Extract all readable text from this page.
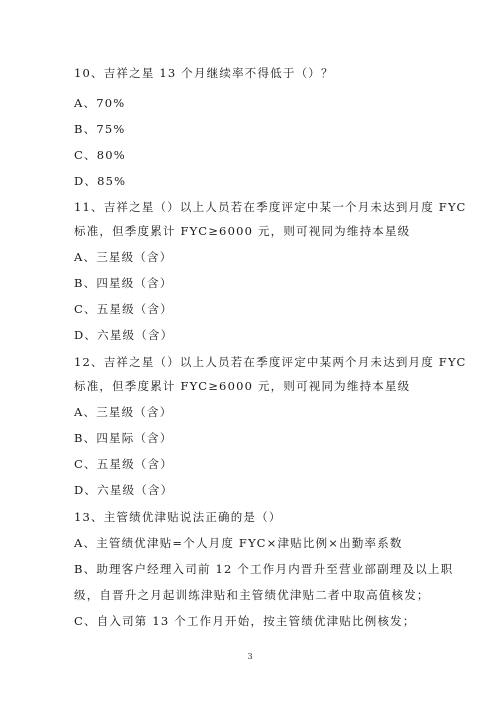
10、吉祥之星 13 个月继续率不得低于（）？
A、70%
B、75%
C、80%
D、85%
11、吉祥之星（）以上人员若在季度评定中某一个月未达到月度 FYC
标准，但季度累计 FYC≥6000 元，则可视同为维持本星级
A、三星级（含）
B、四星级（含）
C、五星级（含）
D、六星级（含）
12、吉祥之星（）以上人员若在季度评定中某两个月未达到月度 FYC
标准，但季度累计 FYC≥6000 元，则可视同为维持本星级
A、三星级（含）
B、四星际（含）
C、五星级（含）
D、六星级（含）
13、主管绩优津贴说法正确的是（）
A、主管绩优津贴=个人月度 FYC×津贴比例×出勤率系数
B、助理客户经理入司前 12 个工作月内晋升至营业部副理及以上职
级，自晋升之月起训练津贴和主管绩优津贴二者中取高值核发；
C、自入司第 13 个工作月开始，按主管绩优津贴比例核发；
3
